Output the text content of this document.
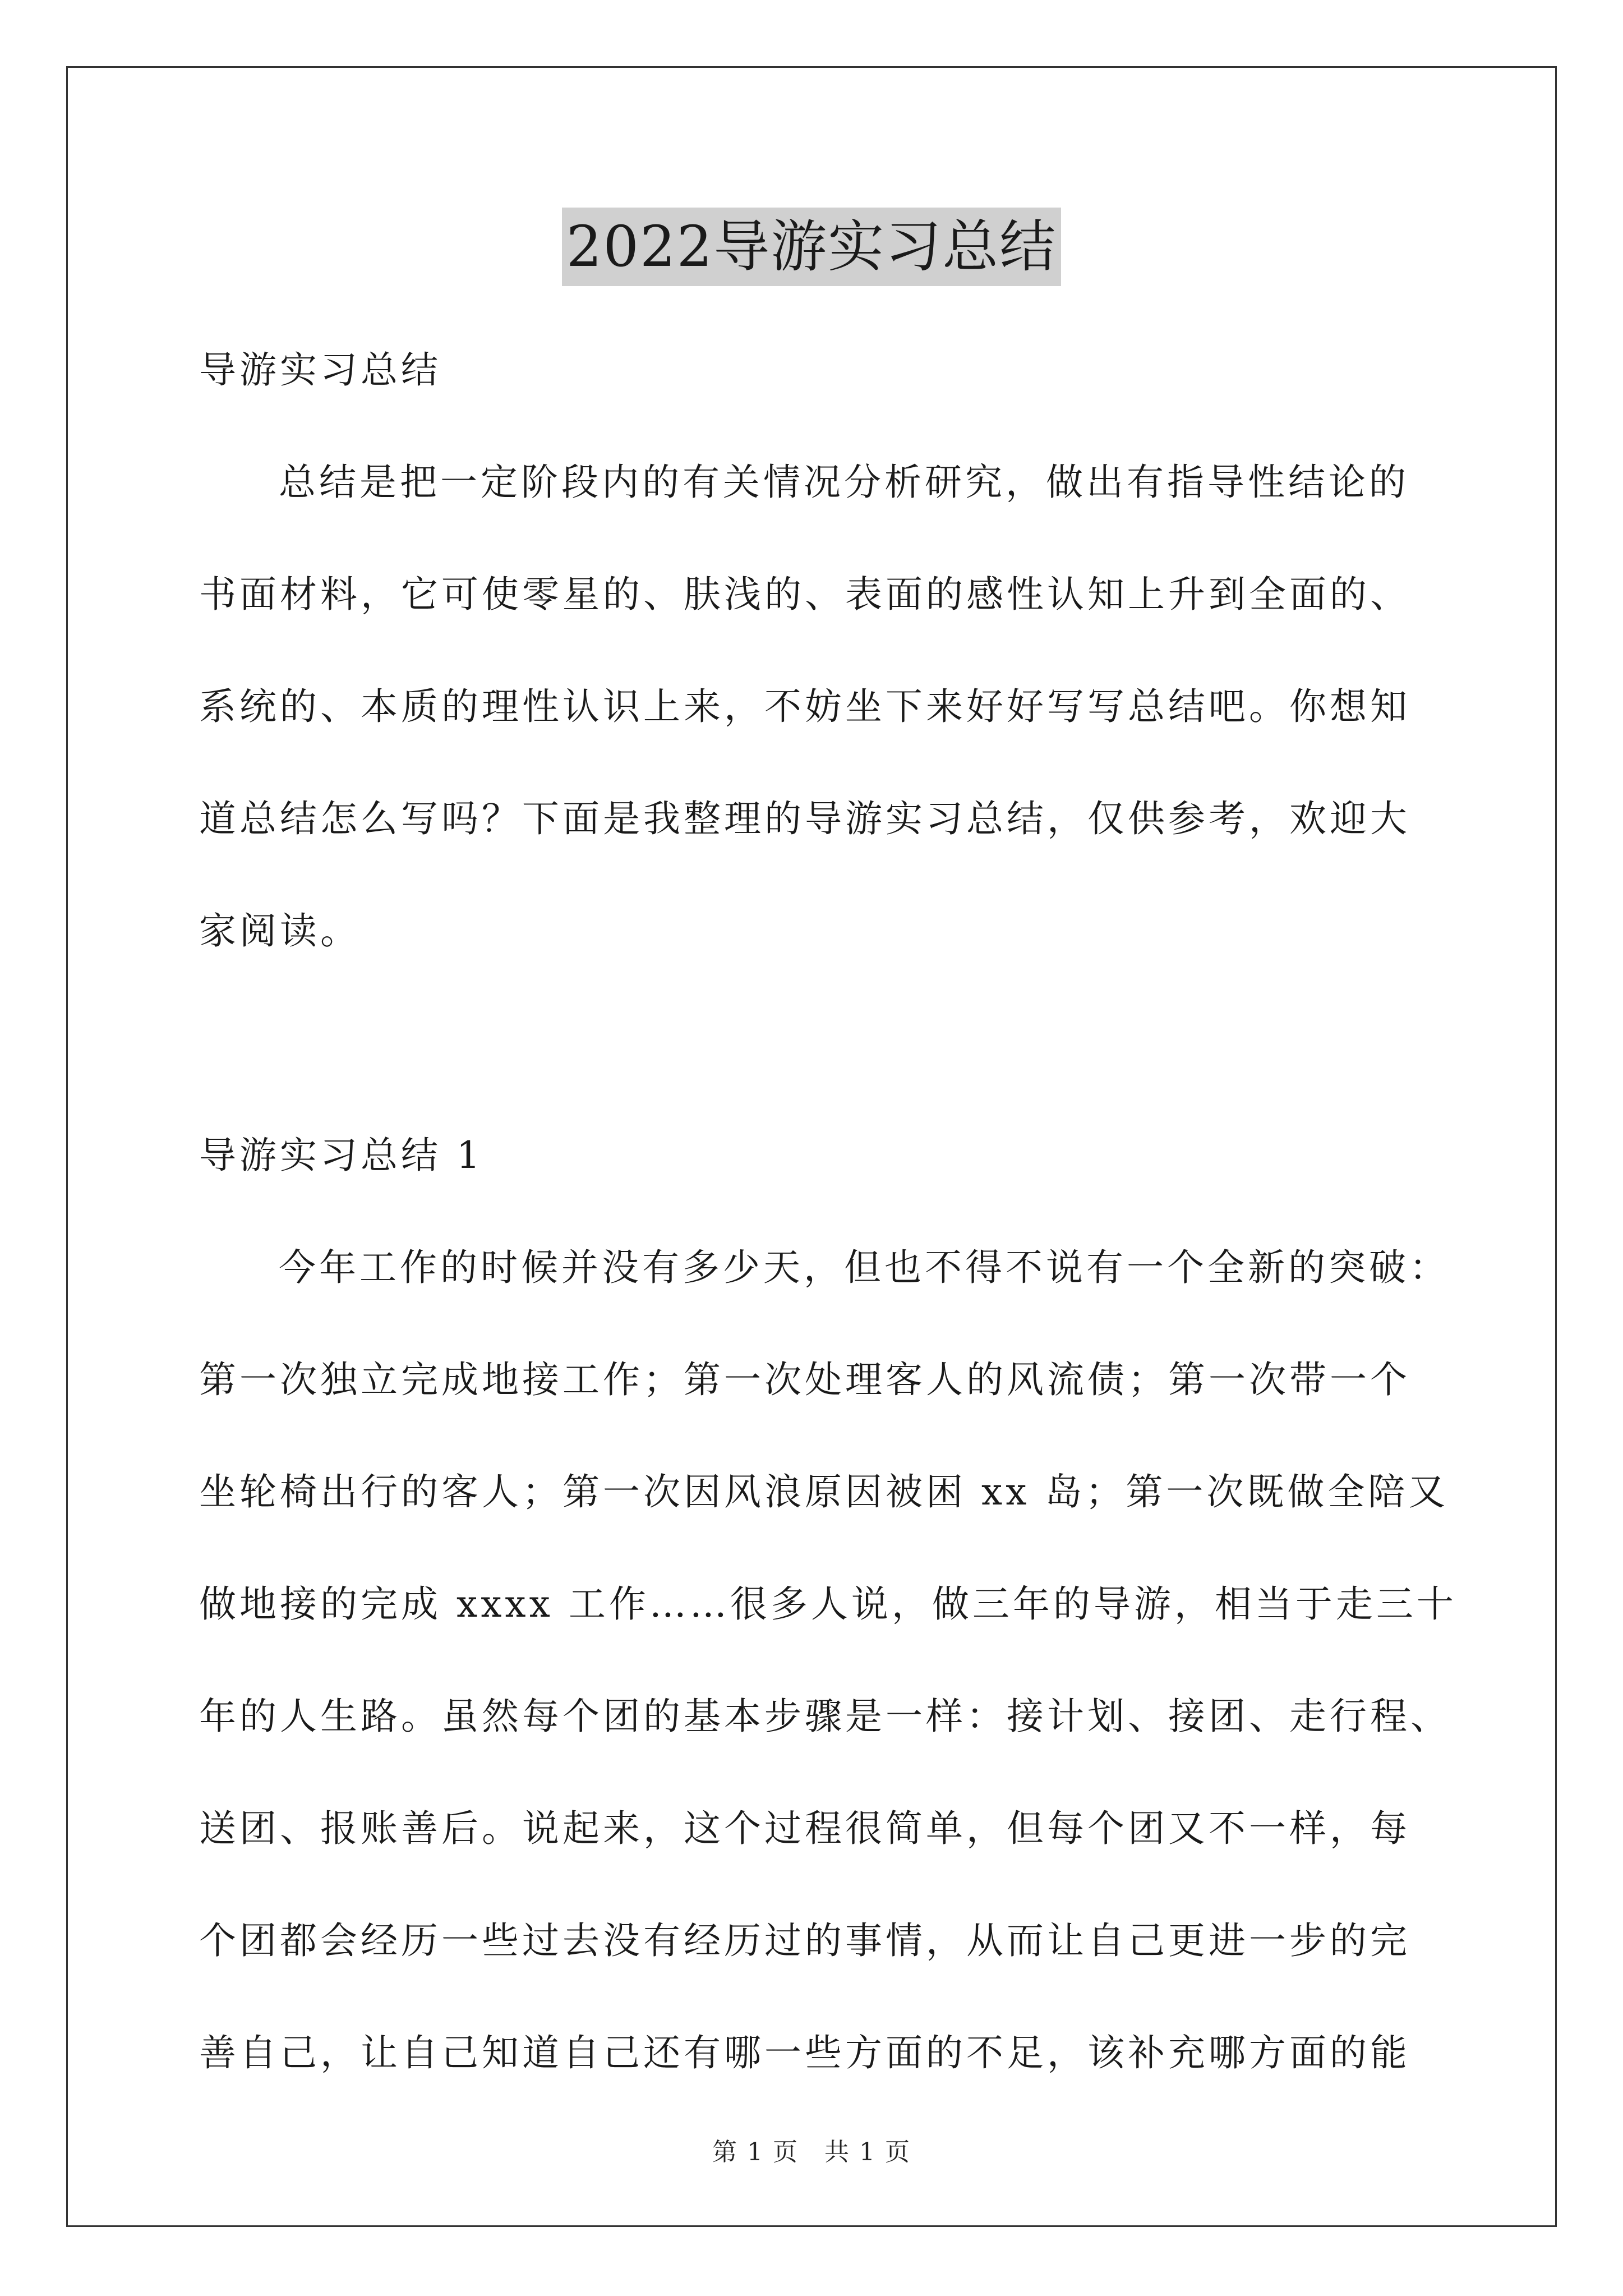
2022导游实习总结
导游实习总结
总结是把一定阶段内的有关情况分析研究，做出有指导性结论的
书面材料，它可使零星的、肤浅的、表面的感性认知上升到全面的、
系统的、本质的理性认识上来，不妨坐下来好好写写总结吧。你想知
道总结怎么写吗？下面是我整理的导游实习总结，仅供参考，欢迎大
家阅读。
导游实习总结 1
今年工作的时候并没有多少天，但也不得不说有一个全新的突破：
第一次独立完成地接工作；第一次处理客人的风流债；第一次带一个
坐轮椅出行的客人；第一次因风浪原因被困 xx 岛；第一次既做全陪又
做地接的完成 xxxx 工作……很多人说，做三年的导游，相当于走三十
年的人生路。虽然每个团的基本步骤是一样：接计划、接团、走行程、
送团、报账善后。说起来，这个过程很简单，但每个团又不一样，每
个团都会经历一些过去没有经历过的事情，从而让自己更进一步的完
善自己，让自己知道自己还有哪一些方面的不足，该补充哪方面的能
第 1 页　共 1 页
